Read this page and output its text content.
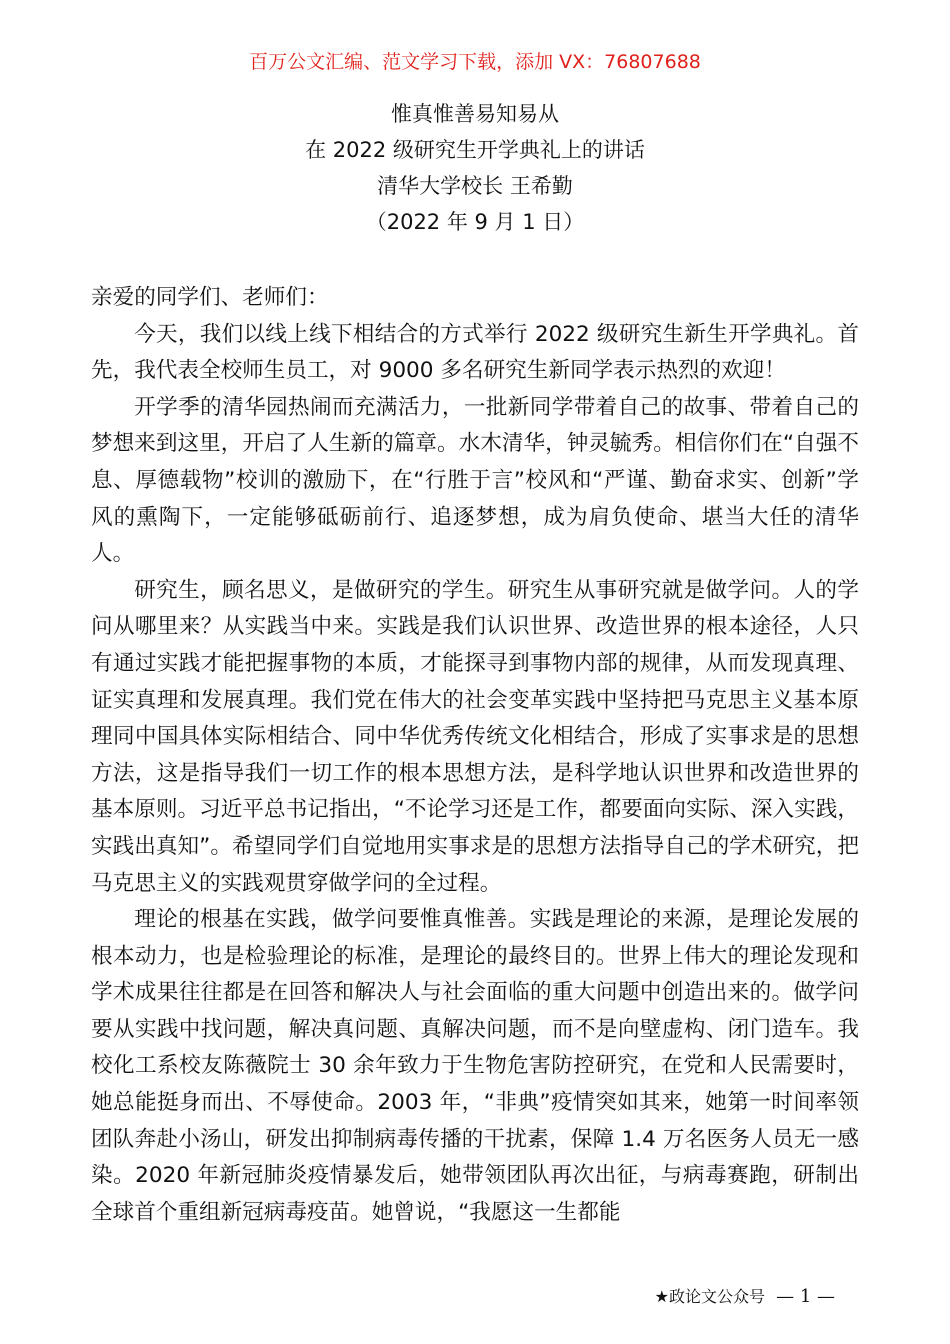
百万公文汇编、范文学习下载，添加 VX：76807688
惟真惟善易知易从
在 2022 级研究生开学典礼上的讲话
清华大学校长 王希勤
（2022 年 9 月 1 日）

亲爱的同学们、老师们：

今天，我们以线上线下相结合的方式举行 2022 级研究生新生开学典礼。首先，我代表全校师生员工，对 9000 多名研究生新同学表示热烈的欢迎！

开学季的清华园热闹而充满活力，一批新同学带着自己的故事、带着自己的梦想来到这里，开启了人生新的篇章。水木清华，钟灵毓秀。相信你们在“自强不息、厚德载物”校训的激励下，在“行胜于言”校风和“严谨、勤奋求实、创新”学风的熏陶下，一定能够砥砺前行、追逐梦想，成为肩负使命、堪当大任的清华人。

研究生，顾名思义，是做研究的学生。研究生从事研究就是做学问。人的学问从哪里来？从实践当中来。实践是我们认识世界、改造世界的根本途径，人只有通过实践才能把握事物的本质，才能探寻到事物内部的规律，从而发现真理、证实真理和发展真理。我们党在伟大的社会变革实践中坚持把马克思主义基本原理同中国具体实际相结合、同中华优秀传统文化相结合，形成了实事求是的思想方法，这是指导我们一切工作的根本思想方法，是科学地认识世界和改造世界的基本原则。习近平总书记指出，“不论学习还是工作，都要面向实际、深入实践，实践出真知”。希望同学们自觉地用实事求是的思想方法指导自己的学术研究，把马克思主义的实践观贯穿做学问的全过程。

理论的根基在实践，做学问要惟真惟善。实践是理论的来源，是理论发展的根本动力，也是检验理论的标准，是理论的最终目的。世界上伟大的理论发现和学术成果往往都是在回答和解决人与社会面临的重大问题中创造出来的。做学问要从实践中找问题，解决真问题、真解决问题，而不是向壁虚构、闭门造车。我校化工系校友陈薇院士 30 余年致力于生物危害防控研究，在党和人民需要时，她总能挺身而出、不辱使命。2003 年，“非典”疫情突如其来，她第一时间率领团队奔赴小汤山，研发出抑制病毒传播的干扰素，保障 1.4 万名医务人员无一感染。2020 年新冠肺炎疫情暴发后，她带领团队再次出征，与病毒赛跑，研制出全球首个重组新冠病毒疫苗。她曾说，“我愿这一生都能

★政论文公众号 — 1 —
